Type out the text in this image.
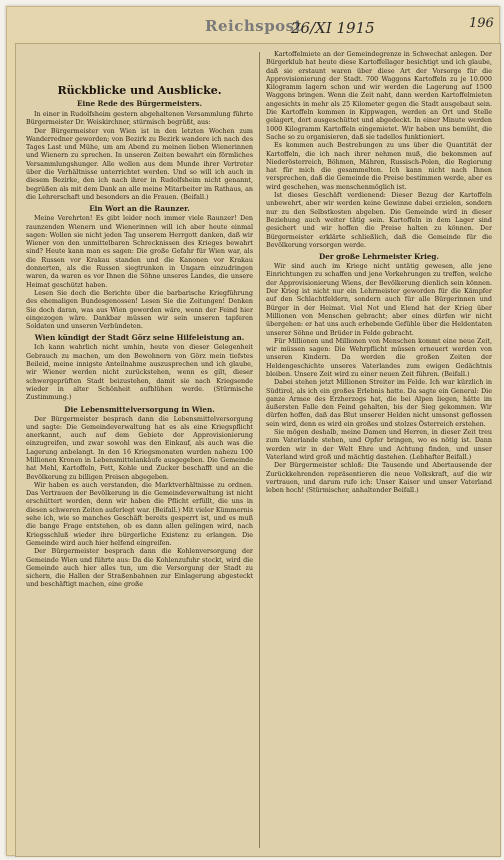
Reichspost
26/XI 1915	196
Rückblicke und Ausblicke.
Eine Rede des Bürgermeisters.

In einer in Rudolfsheim gestern abgehaltenen Versammlung führte Bürgermeister Dr. Weiskirchner, stürmisch begrüßt, aus:

Der Bürgermeister von Wien ist in den letzten Wochen zum Wanderredner geworden; von Bezirk zu Bezirk wandere ich nach des Tages Last und Mühe, um am Abend zu meinen lieben Wienerinnen und Wienern zu sprechen. In unseren Zeiten bewahrt ein förmliches Versammlungshunger. Alle wollen aus dem Munde ihrer Vertreter über die Verhältnisse unterrichtet werden. Und so will ich auch in diesem Bezirke, den ich nach ihrer in Rudolfsheim nicht genannt, begrüßen als mit dem Dank an alle meine Mitarbeiter im Rathaus, an die Lehrerschaft und besonders an die Frauen. (Beifall.)

Ein Wort an die Raunzer.

Meine Verehrten! Es gibt leider noch immer viele Raunzer! Den raunzenden Wienern und Wienerinnen will ich aber heute einmal sagen: Wollen sie nicht jeden Tag unserem Herrgott danken, daß wir Wiener von den unmittelbaren Schrecknissen des Krieges bewahrt sind? Heute kann man es sagen: Die große Gefahr für Wien war, als die Russen vor Krakau standen und die Kanonen vor Krakau donnerten, als die Russen siegtrunken in Ungarn einzudringen waren, da waren es vor Ihnen die Söhne unseres Landes, die unsere Heimat geschützt haben.

Lesen Sie doch die Berichte über die barbarische Kriegführung des ehemaligen Bundesgenossen! Lesen Sie die Zeitungen! Denken Sie doch daran, was aus Wien geworden wäre, wenn der Feind hier eingezogen wäre. Dankbar müssen wir sein unseren tapferen Soldaten und unseren Verbündeten.

Wien kündigt der Stadt Görz seine Hilfeleistung an.

Ich kann wahrlich nicht umhin, heute von dieser Gelegenheit Gebrauch zu machen, um den Bewohnern von Görz mein tiefstes Beileid, meine innigste Anteilnahme auszusprechen und ich glaube, wir Wiener werden nicht zurückstehen, wenn es gilt, dieser schwergeprüften Stadt beizustehen, damit sie nach Kriegsende wieder in alter Schönheit aufblühen werde. (Stürmische Zustimmung.)

Die Lebensmittelversorgung in Wien.

Der Bürgermeister besprach dann die Lebensmittelversorgung und sagte: Die Gemeindeverwaltung hat es als eine Kriegspflicht anerkannt, auch auf dem Gebiete der Approvisionierung einzugreifen, und zwar sowohl was den Einkauf, als auch was die Lagerung anbelangt. In den 16 Kriegsmonaten wurden nahezu 100 Millionen Kronen in Lebensmittelankäufe ausgegeben. Die Gemeinde hat Mehl, Kartoffeln, Fett, Kohle und Zucker beschafft und an die Bevölkerung zu billigen Preisen abgegeben.

Wir haben es auch verstanden, die Marktverhältnisse zu ordnen. Das Vertrauen der Bevölkerung in die Gemeindeverwaltung ist nicht erschüttert worden, denn wir haben die Pflicht erfüllt, die uns in diesen schweren Zeiten auferlegt war. (Beifall.) Mit vieler Kümmernis sehe ich, wie so manches Geschäft bereits gesperrt ist, und es muß die bange Frage entstehen, ob es dann allen gelingen wird, nach Kriegsschluß wieder ihre bürgerliche Existenz zu erlangen. Die Gemeinde wird auch hier helfend eingreifen.

Der Bürgermeister besprach dann die Kohlenversorgung der Gemeinde Wien und führte aus: Da die Kohlenzufuhr stockt, wird die Gemeinde auch hier alles tun, um die Versorgung der Stadt zu sichern, die Hallen der Straßenbahnen zur Einlagerung abgesteckt und beschäftigt machen, eine große

Kartoffelmiete an der Gemeindegrenze in Schwechat anlegen. Der Bürgerklub hat heute diese Kartoffellager besichtigt und ich glaube, daß sie erstaunt waren über diese Art der Vorsorge für die Approvisionierung der Stadt. 700 Waggons Kartoffeln zu je 10.000 Kilogramm lagern schon und wir werden die Lagerung auf 1500 Waggons bringen. Wenn die Zeit naht, dann werden Kartoffelmieten angesichts in mehr als 25 Kilometer gegen die Stadt ausgebaut sein. Die Kartoffeln kommen in Kippwagen, werden an Ort und Stelle gelagert, dort ausgeschüttet und abgedeckt. In einer Minute werden 1000 Kilogramm Kartoffeln eingemietet. Wir haben uns bemüht, die Sache so zu organisieren, daß sie tadellos funktioniert.

Es kommen auch Bestrebungen zu uns über die Quantität der Kartoffeln, die ich nach ihrer nehmen muß, die bekommen auf Niederösterreich, Böhmen, Mähren, Russisch-Polen, die Regierung hat für mich die gesammelten. Ich kann nicht nach Ihnen versprechen, daß die Gemeinde die Preise bestimmen werde, aber es wird geschehen, was menschenmöglich ist.

Ist dieses Geschäft verdienend: Dieser Bezug der Kartoffeln unbewehrt, aber wir werden keine Gewinne dabei erzielen, sondern nur zu den Selbstkosten abgeben. Die Gemeinde wird in dieser Beziehung auch weiter tätig sein. Kartoffeln in dem Lager sind gesichert und wir hoffen die Preise halten zu können. Der Bürgermeister erklärte schließlich, daß die Gemeinde für die Bevölkerung vorsorgen werde.

Der große Lehrmeister Krieg.

Wir sind auch im Kriege nicht untätig gewesen, alle jene Einrichtungen zu schaffen und jene Vorkehrungen zu treffen, welche der Approvisionierung Wiens, der Bevölkerung dienlich sein können. Der Krieg ist nicht nur ein Lehrmeister geworden für die Kämpfer auf den Schlachtfeldern, sondern auch für alle Bürgerinnen und Bürger in der Heimat. Viel Not und Elend hat der Krieg über Millionen von Menschen gebracht; aber eines dürfen wir nicht übergehen: er hat uns auch erhebende Gefühle über die Heldentaten unserer Söhne und Brüder in Felde gebracht.

Für Millionen und Millionen von Menschen kommt eine neue Zeit, wir müssen sagen: Die Wehrpflicht müssen erneuert werden von unseren Kindern. Da werden die großen Zeiten der Heldengeschichte unseres Vaterlandes zum ewigen Gedächtnis bleiben. Unsere Zeit wird zu einer neuen Zeit führen. (Beifall.)

Dabei stehen jetzt Millionen Streiter im Felde. Ich war kürzlich in Südtirol, als ich ein großes Erlebnis hatte. Da sagte ein General: Die ganze Armee des Erzherzogs hat, die bei Alpen liegen, hätte im äußersten Falle den Feind gehalten, bis der Sieg gekommen. Wir dürfen hoffen, daß das Blut unserer Helden nicht umsonst geflossen sein wird, denn es wird ein großes und stolzes Österreich erstehen.

Sie mögen deshalb, meine Damen und Herren, in dieser Zeit treu zum Vaterlande stehen, und Opfer bringen, wo es nötig ist. Dann werden wir in der Welt Ehre und Achtung finden, und unser Vaterland wird groß und mächtig dastehen. (Lebhafter Beifall.)

Der Bürgermeister schloß: Die Tausende und Abertausende der Zurückkehrenden repräsentieren die neue Volkskraft, auf die wir vertrauen, und darum rufe ich: Unser Kaiser und unser Vaterland leben hoch! (Stürmischer, anhaltender Beifall.)
